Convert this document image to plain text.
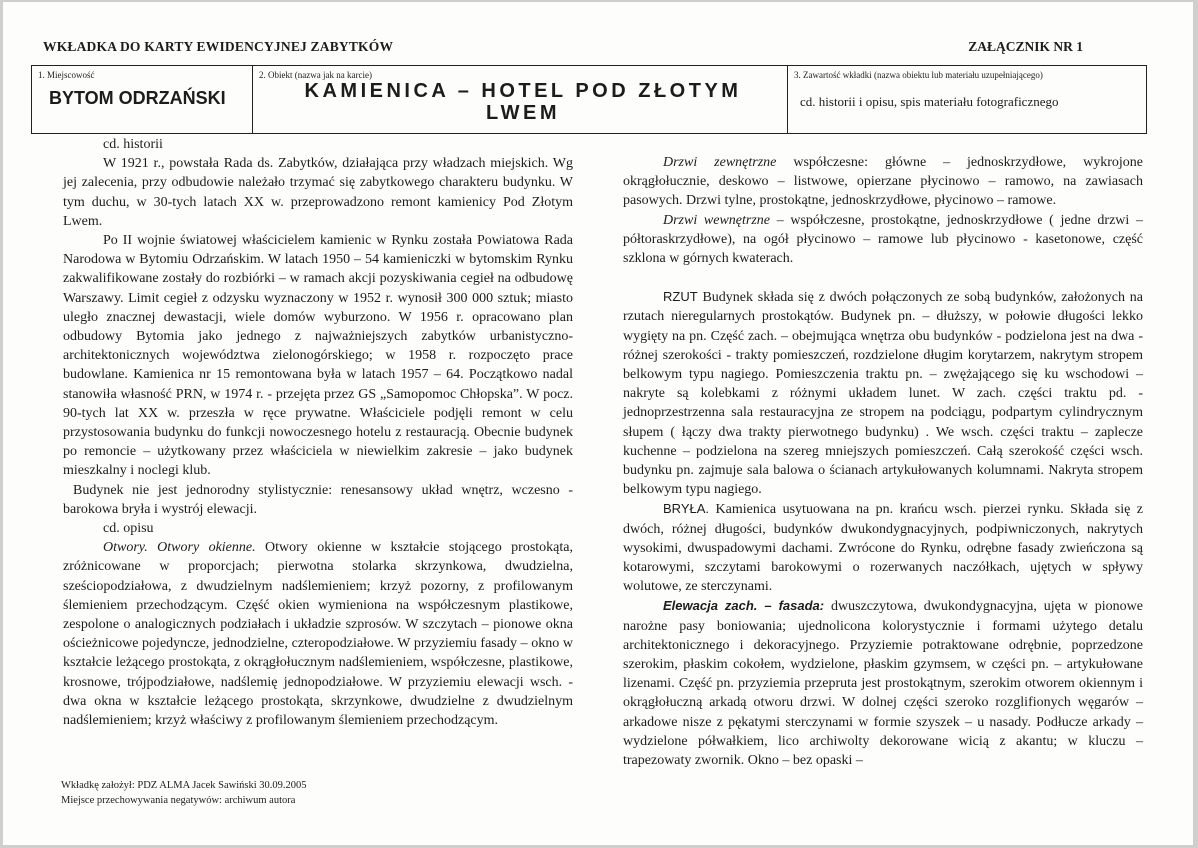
WKŁADKA DO KARTY EWIDENCYJNEJ ZABYTKÓW	ZAŁĄCZNIK NR 1
1. Miejscowość
BYTOM ODRZAŃSKI
2. Obiekt (nazwa jak na karcie)
KAMIENICA – HOTEL POD ZŁOTYM LWEM
3. Zawartość wkładki (nazwa obiektu lub materiału uzupełniającego)
cd. historii i opisu, spis materiału fotograficznego

cd. historii

W 1921 r., powstała Rada ds. Zabytków, działająca przy władzach miejskich. Wg jej zalecenia, przy odbudowie należało trzymać się zabytkowego charakteru budynku. W tym duchu, w 30-tych latach XX w. przeprowadzono remont kamienicy Pod Złotym Lwem.

Po II wojnie światowej właścicielem kamienic w Rynku została Powiatowa Rada Narodowa w Bytomiu Odrzańskim. W latach 1950 – 54 kamieniczki w bytomskim Rynku zakwalifikowane zostały do rozbiórki – w ramach akcji pozyskiwania cegieł na odbudowę Warszawy. Limit cegieł z odzysku wyznaczony w 1952 r. wynosił 300 000 sztuk; miasto uległo znacznej dewastacji, wiele domów wyburzono. W 1956 r. opracowano plan odbudowy Bytomia jako jednego z najważniejszych zabytków urbanistyczno-architektonicznych województwa zielonogórskiego; w 1958 r. rozpoczęto prace budowlane. Kamienica nr 15 remontowana była w latach 1957 – 64. Początkowo nadal stanowiła własność PRN, w 1974 r. - przejęta przez GS „Samopomoc Chłopska”. W pocz. 90-tych lat XX w. przeszła w ręce prywatne. Właściciele podjęli remont w celu przystosowania budynku do funkcji nowoczesnego hotelu z restauracją. Obecnie budynek po remoncie – użytkowany przez właściciela w niewielkim zakresie – jako budynek mieszkalny i noclegi klub.

Budynek nie jest jednorodny stylistycznie: renesansowy układ wnętrz, wczesno -barokowa bryła i wystrój elewacji.

cd. opisu

Otwory. Otwory okienne. Otwory okienne w kształcie stojącego prostokąta, zróżnicowane w proporcjach; pierwotna stolarka skrzynkowa, dwudzielna, sześciopodziałowa, z dwudzielnym nadślemieniem; krzyż pozorny, z profilowanym ślemieniem przechodzącym. Część okien wymieniona na współczesnym plastikowe, zespolone o analogicznych podziałach i układzie szprosów. W szczytach – pionowe okna ościeżnicowe pojedyncze, jednodzielne, czteropodziałowe. W przyziemiu fasady – okno w kształcie leżącego prostokąta, z okrągłołucznym nadślemieniem, współczesne, plastikowe, krosnowe, trójpodziałowe, nadślemię jednopodziałowe. W przyziemiu elewacji wsch. - dwa okna w kształcie leżącego prostokąta, skrzynkowe, dwudzielne z dwudzielnym nadślemieniem; krzyż właściwy z profilowanym ślemieniem przechodzącym.

Drzwi zewnętrzne współczesne: główne – jednoskrzydłowe, wykrojone okrągłołucznie, deskowo – listwowe, opierzane płycinowo – ramowo, na zawiasach pasowych. Drzwi tylne, prostokątne, jednoskrzydłowe, płycinowo – ramowe.

Drzwi wewnętrzne – współczesne, prostokątne, jednoskrzydłowe ( jedne drzwi – półtoraskrzydłowe), na ogół płycinowo – ramowe lub płycinowo - kasetonowe, część szklona w górnych kwaterach.

RZUT Budynek składa się z dwóch połączonych ze sobą budynków, założonych na rzutach nieregularnych prostokątów. Budynek pn. – dłuższy, w połowie długości lekko wygięty na pn. Część zach. – obejmująca wnętrza obu budynków - podzielona jest na dwa - różnej szerokości - trakty pomieszczeń, rozdzielone długim korytarzem, nakrytym stropem belkowym typu nagiego. Pomieszczenia traktu pn. – zwężającego się ku wschodowi – nakryte są kolebkami z różnymi układem lunet. W zach. części traktu pd. - jednoprzestrzenna sala restauracyjna ze stropem na podciągu, podpartym cylindrycznym słupem ( łączy dwa trakty pierwotnego budynku) . We wsch. części traktu – zaplecze kuchenne – podzielona na szereg mniejszych pomieszczeń. Całą szerokość części wsch. budynku pn. zajmuje sala balowa o ścianach artykułowanych kolumnami. Nakryta stropem belkowym typu nagiego.

BRYŁA. Kamienica usytuowana na pn. krańcu wsch. pierzei rynku. Składa się z dwóch, różnej długości, budynków dwukondygnacyjnych, podpiwniczonych, nakrytych wysokimi, dwuspadowymi dachami. Zwrócone do Rynku, odrębne fasady zwieńczona są kotarowymi, szczytami barokowymi o rozerwanych naczółkach, ujętych w spływy wolutowe, ze sterczynami.

Elewacja zach. – fasada: dwuszczytowa, dwukondygnacyjna, ujęta w pionowe narożne pasy boniowania; ujednolicona kolorystycznie i formami użytego detalu architektonicznego i dekoracyjnego. Przyziemie potraktowane odrębnie, poprzedzone szerokim, płaskim cokołem, wydzielone, płaskim gzymsem, w części pn. – artykułowane lizenami. Część pn. przyziemia przepruta jest prostokątnym, szerokim otworem okiennym i okrągłołuczną arkadą otworu drzwi. W dolnej części szeroko rozglifionych węgarów – arkadowe nisze z pękatymi sterczynami w formie szyszek – u nasady. Podłucze arkady – wydzielone półwałkiem, lico archiwolty dekorowane wicią z akantu; w kluczu – trapezowaty zwornik. Okno – bez opaski –

Wkładkę założył: PDZ ALMA Jacek Sawiński 30.09.2005
Miejsce przechowywania negatywów: archiwum autora
